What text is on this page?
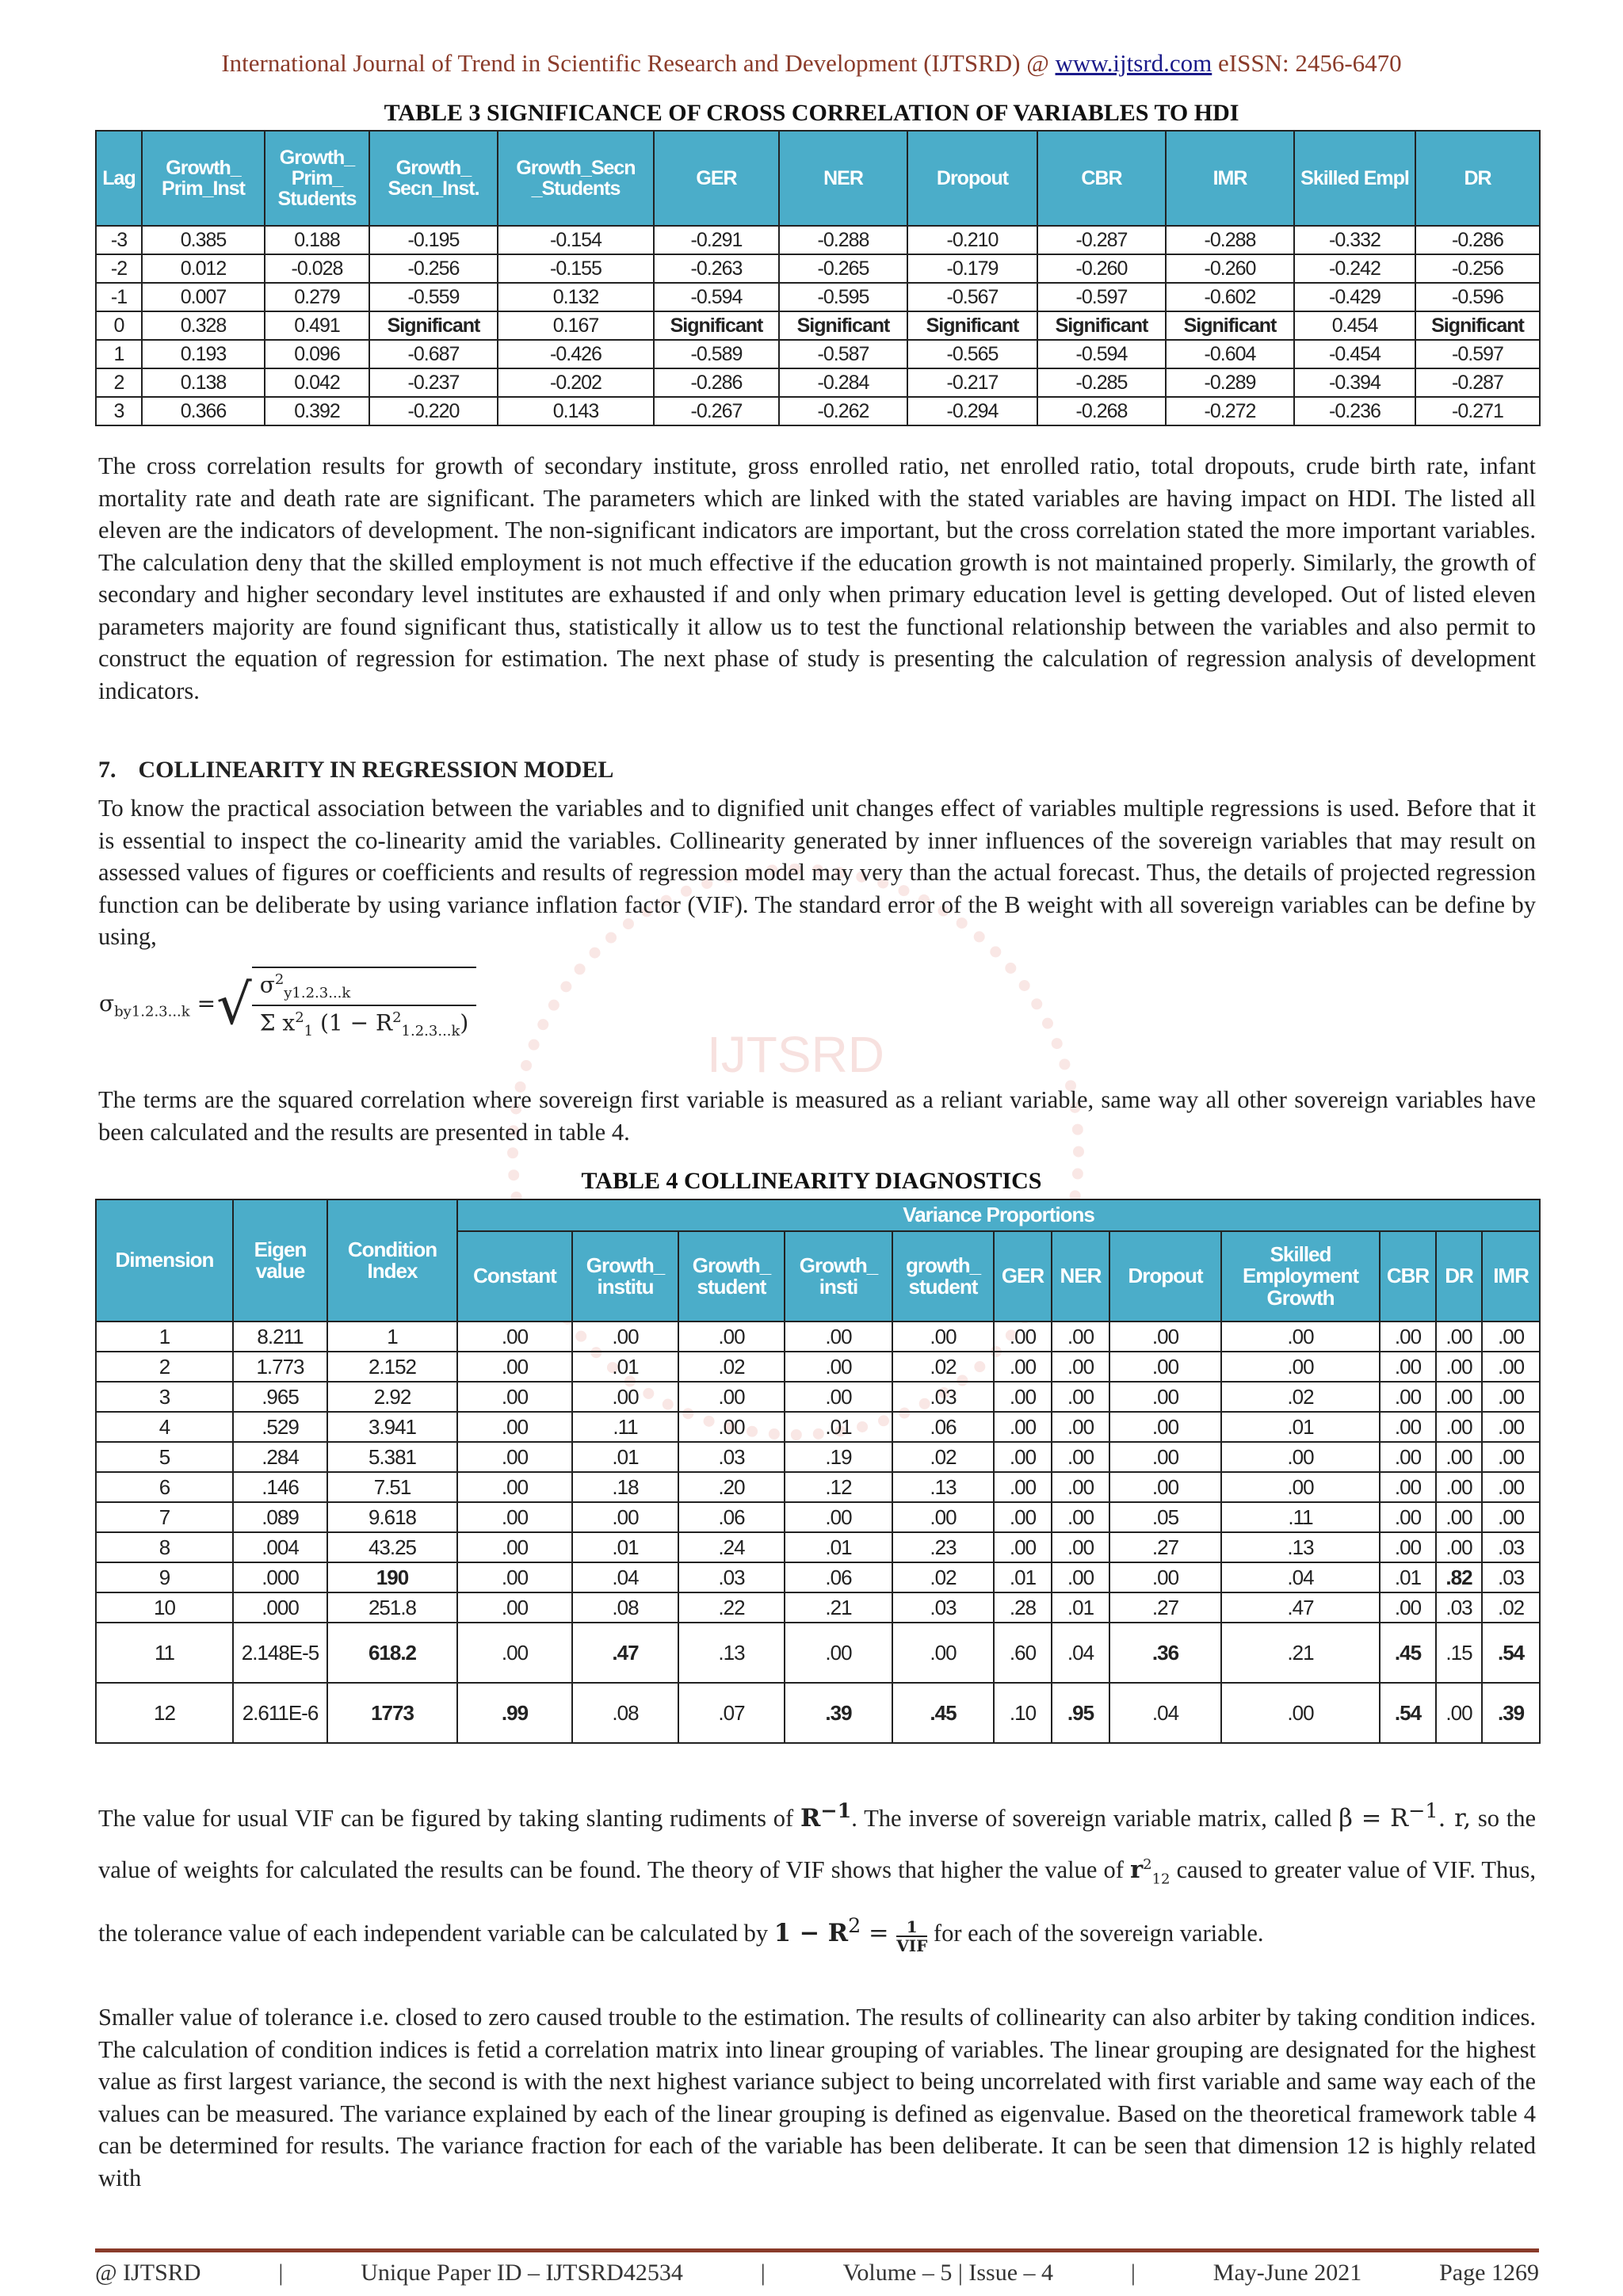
IJTSRD
International Journal of Trend in Scientific Research and Development (IJTSRD) @ www.ijtsrd.com eISSN: 2456-6470
TABLE 3 SIGNIFICANCE OF CROSS CORRELATION OF VARIABLES TO HDI
Lag	Growth_ Prim_Inst	Growth_ Prim_ Students	Growth_ Secn_Inst.	Growth_Secn _Students	GER	NER	Dropout	CBR	IMR	Skilled Empl	DR
-3	0.385	0.188	-0.195	-0.154	-0.291	-0.288	-0.210	-0.287	-0.288	-0.332	-0.286
-2	0.012	-0.028	-0.256	-0.155	-0.263	-0.265	-0.179	-0.260	-0.260	-0.242	-0.256
-1	0.007	0.279	-0.559	0.132	-0.594	-0.595	-0.567	-0.597	-0.602	-0.429	-0.596
0	0.328	0.491	Significant	0.167	Significant	Significant	Significant	Significant	Significant	0.454	Significant
1	0.193	0.096	-0.687	-0.426	-0.589	-0.587	-0.565	-0.594	-0.604	-0.454	-0.597
2	0.138	0.042	-0.237	-0.202	-0.286	-0.284	-0.217	-0.285	-0.289	-0.394	-0.287
3	0.366	0.392	-0.220	0.143	-0.267	-0.262	-0.294	-0.268	-0.272	-0.236	-0.271
The cross correlation results for growth of secondary institute, gross enrolled ratio, net enrolled ratio, total dropouts, crude birth rate, infant mortality rate and death rate are significant. The parameters which are linked with the stated variables are having impact on HDI. The listed all eleven are the indicators of development. The non-significant indicators are important, but the cross correlation stated the more important variables. The calculation deny that the skilled employment is not much effective if the education growth is not maintained properly. Similarly, the growth of secondary and higher secondary level institutes are exhausted if and only when primary education level is getting developed. Out of listed eleven parameters majority are found significant thus, statistically it allow us to test the functional relationship between the variables and also permit to construct the equation of regression for estimation. The next phase of study is presenting the calculation of regression analysis of development indicators.
7. COLLINEARITY IN REGRESSION MODEL
To know the practical association between the variables and to dignified unit changes effect of variables multiple regressions is used. Before that it is essential to inspect the co-linearity amid the variables. Collinearity generated by inner influences of the sovereign variables that may result on assessed values of figures or coefficients and results of regression model may very than the actual forecast. Thus, the details of projected regression function can be deliberate by using variance inflation factor (VIF). The standard error of the B weight with all sovereign variables can be define by using,
$\sigma_{by1.2.3...k}$ =	√	$\sigma^2_{y1.2.3...k}$
Σ $x^2_1$ $(1 - R^2_{1.2.3...k})$
The terms are the squared correlation where sovereign first variable is measured as a reliant variable, same way all other sovereign variables have been calculated and the results are presented in table 4.
TABLE 4 COLLINEARITY DIAGNOSTICS
Dimension	Eigen value	Condition Index	Variance Proportions											
			Constant	Growth_ institu	Growth_ student	Growth_ insti	growth_ student	GER	NER	Dropout	Skilled Employment Growth	CBR	DR	IMR
1	8.211	1	.00	.00	.00	.00	.00	.00	.00	.00	.00	.00	.00	.00
2	1.773	2.152	.00	.01	.02	.00	.02	.00	.00	.00	.00	.00	.00	.00
3	.965	2.92	.00	.00	.00	.00	.03	.00	.00	.00	.02	.00	.00	.00
4	.529	3.941	.00	.11	.00	.01	.06	.00	.00	.00	.01	.00	.00	.00
5	.284	5.381	.00	.01	.03	.19	.02	.00	.00	.00	.00	.00	.00	.00
6	.146	7.51	.00	.18	.20	.12	.13	.00	.00	.00	.00	.00	.00	.00
7	.089	9.618	.00	.00	.06	.00	.00	.00	.00	.05	.11	.00	.00	.00
8	.004	43.25	.00	.01	.24	.01	.23	.00	.00	.27	.13	.00	.00	.03
9	.000	190	.00	.04	.03	.06	.02	.01	.00	.00	.04	.01	.82	.03
10	.000	251.8	.00	.08	.22	.21	.03	.28	.01	.27	.47	.00	.03	.02
11	2.148E-5	618.2	.00	.47	.13	.00	.00	.60	.04	.36	.21	.45	.15	.54
12	2.611E-6	1773	.99	.08	.07	.39	.45	.10	.95	.04	.00	.54	.00	.39
The value for usual VIF can be figured by taking slanting rudiments of $R^{-1}$. The inverse of sovereign variable matrix, called $\beta = R^{-1}$. r, so the value of weights for calculated the results can be found. The theory of VIF shows that higher the value of $r^2_{12}$ caused to greater value of VIF. Thus, the tolerance value of each independent variable can be calculated by $1 - R^2 = 1$
VIF for each of the sovereign variable.
Smaller value of tolerance i.e. closed to zero caused trouble to the estimation. The results of collinearity can also arbiter by taking condition indices. The calculation of condition indices is fetid a correlation matrix into linear grouping of variables. The linear grouping are designated for the highest value as first largest variance, the second is with the next highest variance subject to being uncorrelated with first variable and same way each of the values can be measured. The variance explained by each of the linear grouping is defined as eigenvalue. Based on the theoretical framework table 4 can be determined for results. The variance fraction for each of the variable has been deliberate. It can be seen that dimension 12 is highly related with
@ IJTSRD	|	Unique Paper ID – IJTSRD42534	|	Volume – 5 | Issue – 4	|	May-June 2021	Page 1269
